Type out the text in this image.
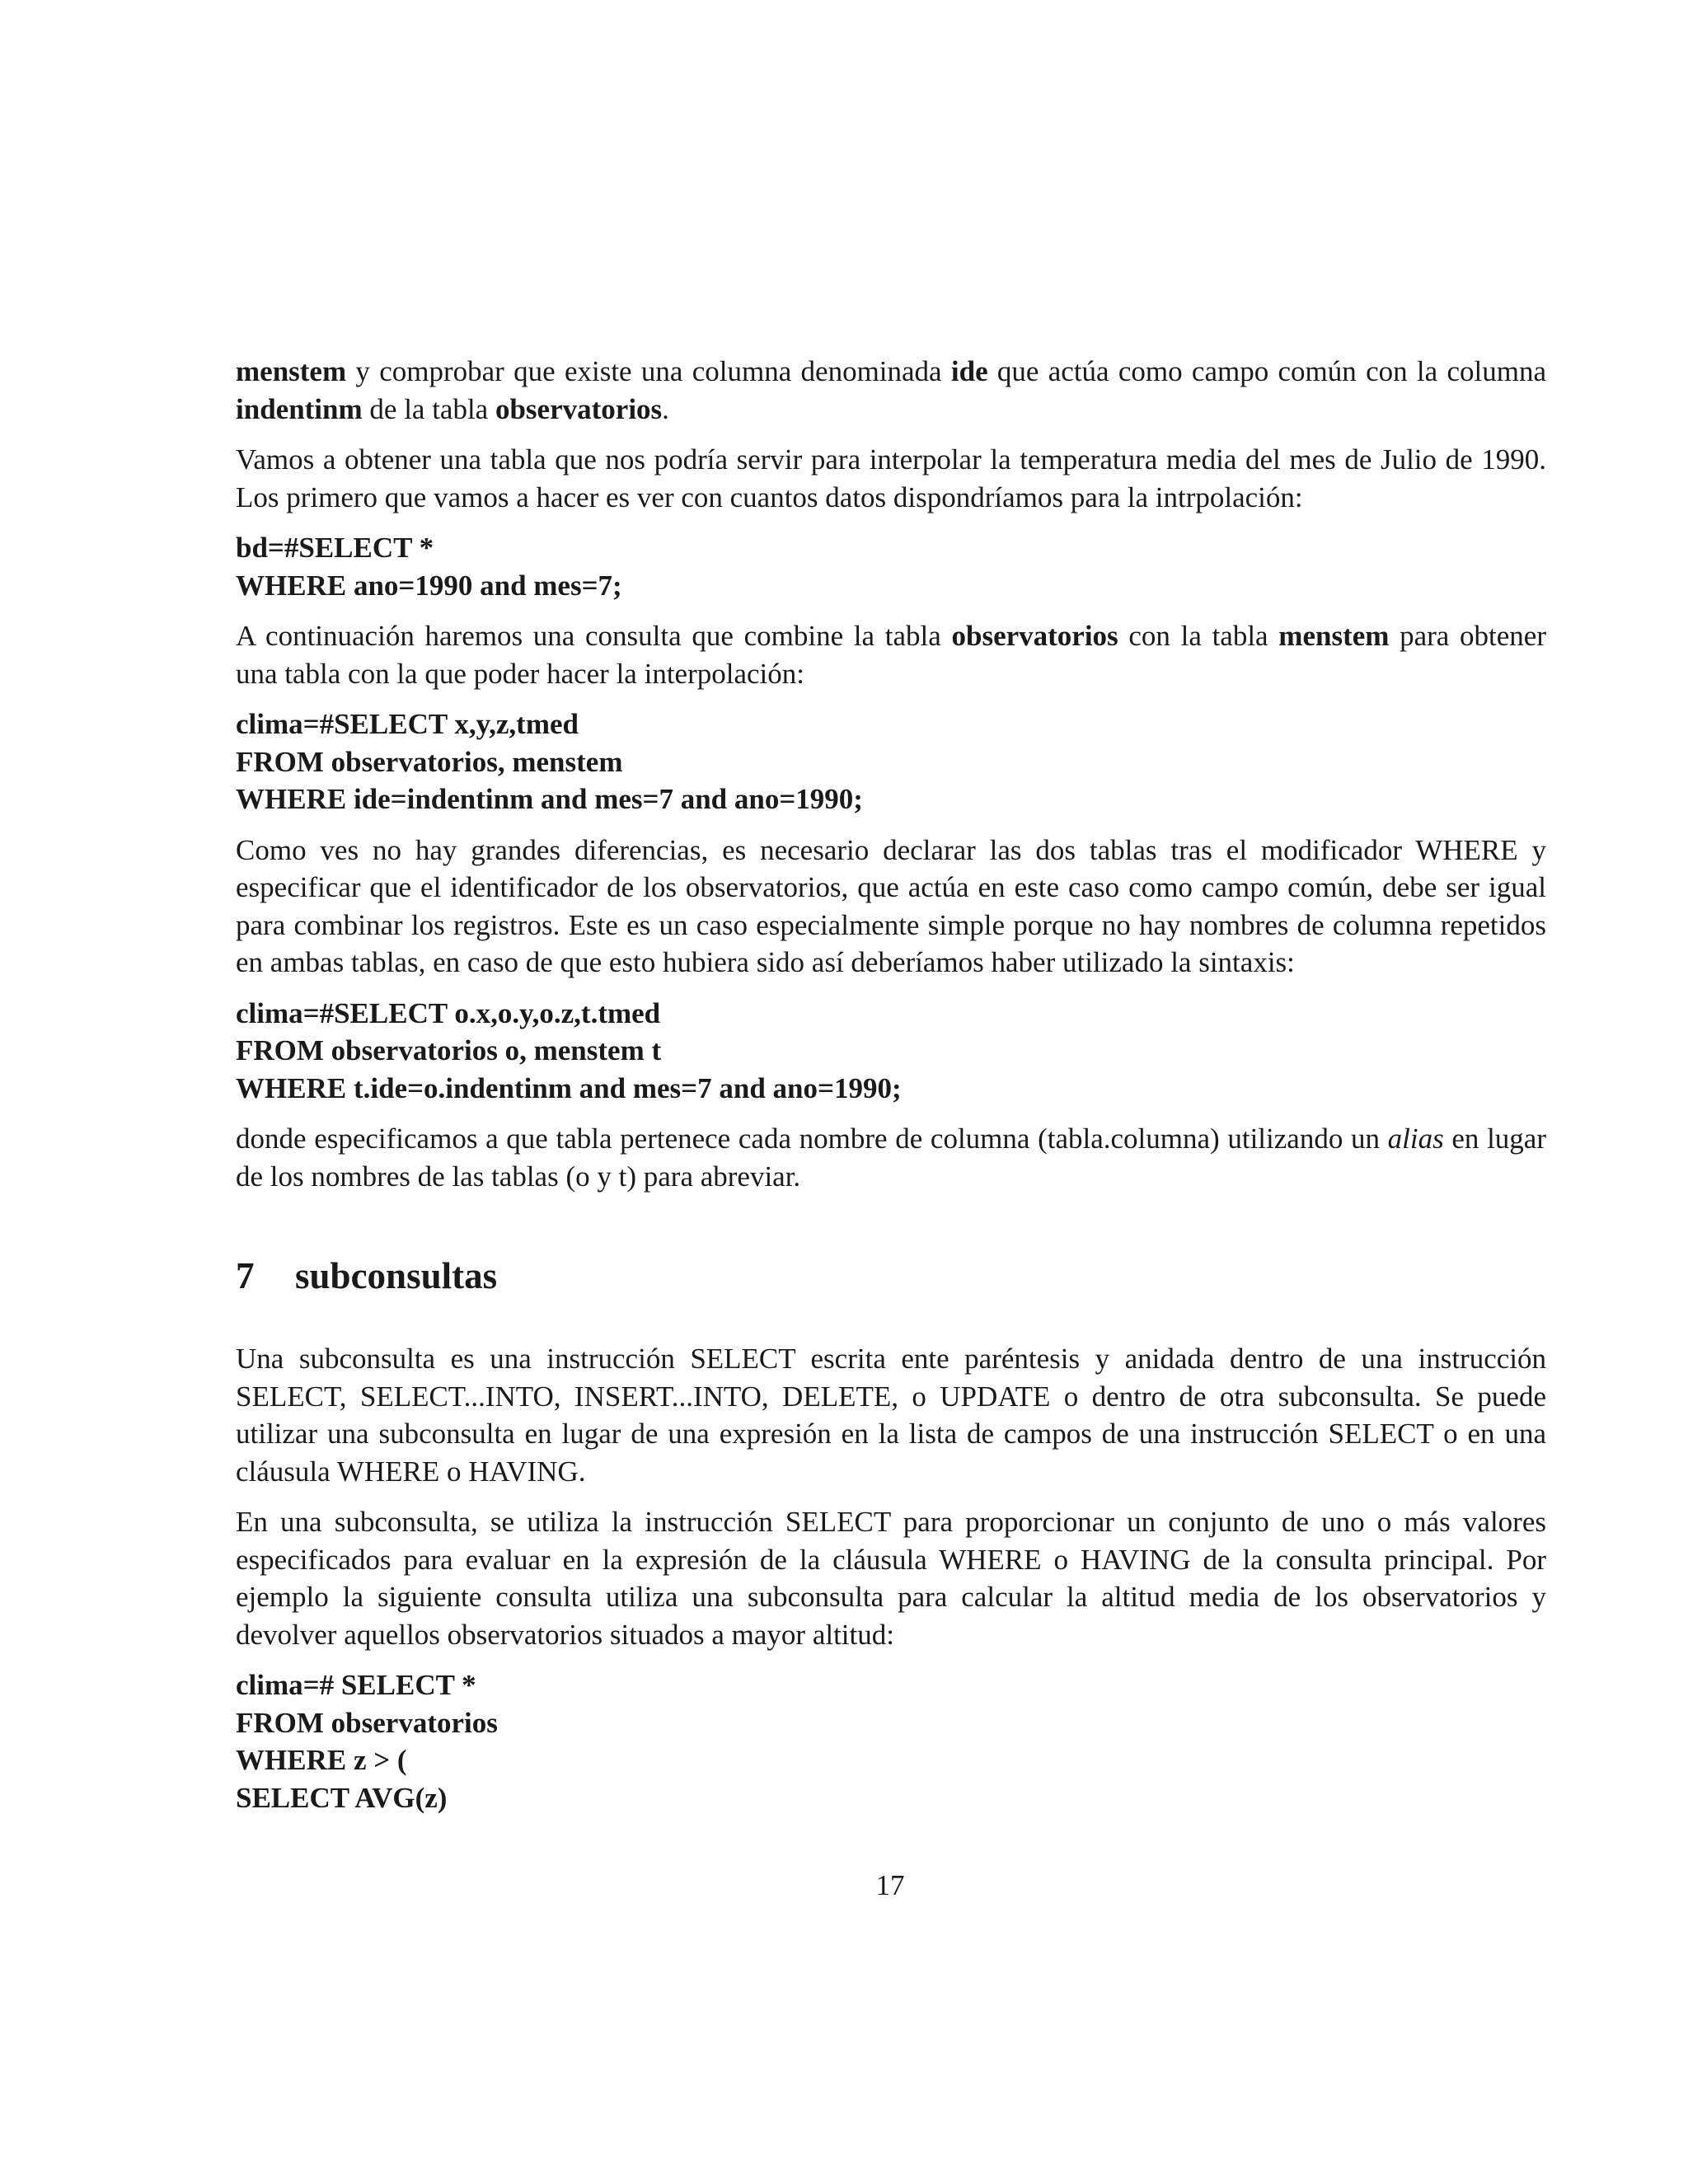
menstem y comprobar que existe una columna denominada ide que actúa como campo común con la columna indentinm de la tabla observatorios.

Vamos a obtener una tabla que nos podría servir para interpolar la temperatura media del mes de Julio de 1990. Los primero que vamos a hacer es ver con cuantos datos dispondríamos para la intrpolación:

bd=#SELECT *
WHERE ano=1990 and mes=7;

A continuación haremos una consulta que combine la tabla observatorios con la tabla menstem para obtener una tabla con la que poder hacer la interpolación:

clima=#SELECT x,y,z,tmed
FROM observatorios, menstem
WHERE ide=indentinm and mes=7 and ano=1990;

Como ves no hay grandes diferencias, es necesario declarar las dos tablas tras el modificador WHERE y especificar que el identificador de los observatorios, que actúa en este caso como campo común, debe ser igual para combinar los registros. Este es un caso especialmente simple porque no hay nombres de columna repetidos en ambas tablas, en caso de que esto hubiera sido así deberíamos haber utilizado la sintaxis:

clima=#SELECT o.x,o.y,o.z,t.tmed
FROM observatorios o, menstem t
WHERE t.ide=o.indentinm and mes=7 and ano=1990;

donde especificamos a que tabla pertenece cada nombre de columna (tabla.columna) utilizando un alias en lugar de los nombres de las tablas (o y t) para abreviar.

7 subconsultas

Una subconsulta es una instrucción SELECT escrita ente paréntesis y anidada dentro de una instrucción SELECT, SELECT...INTO, INSERT...INTO, DELETE, o UPDATE o dentro de otra subconsulta. Se puede utilizar una subconsulta en lugar de una expresión en la lista de campos de una instrucción SELECT o en una cláusula WHERE o HAVING.

En una subconsulta, se utiliza la instrucción SELECT para proporcionar un conjunto de uno o más valores especificados para evaluar en la expresión de la cláusula WHERE o HAVING de la consulta principal. Por ejemplo la siguiente consulta utiliza una subconsulta para calcular la altitud media de los observatorios y devolver aquellos observatorios situados a mayor altitud:

clima=# SELECT *
FROM observatorios
WHERE z > (
SELECT AVG(z)
17
